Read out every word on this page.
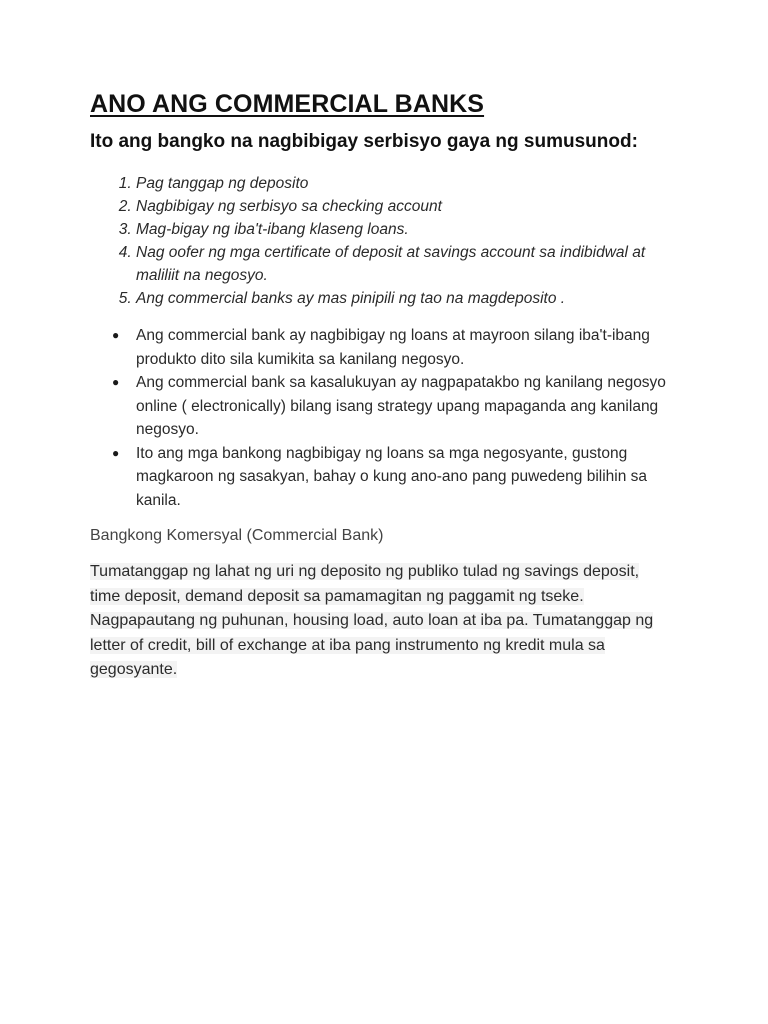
ANO ANG COMMERCIAL BANKS
Ito ang bangko na nagbibigay serbisyo gaya ng sumusunod:
1. Pag tanggap ng deposito
2. Nagbibigay ng serbisyo sa checking account
3. Mag-bigay ng iba't-ibang klaseng loans.
4. Nag oofer ng mga certificate of deposit at savings account sa indibidwal at maliliit na negosyo.
5. Ang commercial banks ay mas pinipili ng tao na magdeposito .
● Ang commercial bank ay nagbibigay ng loans at mayroon silang iba't-ibang produkto dito sila kumikita sa kanilang negosyo.
● Ang commercial bank sa kasalukuyan ay nagpapatakbo ng kanilang negosyo online ( electronically) bilang isang strategy upang mapaganda ang kanilang negosyo.
● Ito ang mga bankong nagbibigay ng loans sa mga negosyante, gustong magkaroon ng sasakyan, bahay o kung ano-ano pang puwedeng bilihin sa kanila.

Bangkong Komersyal (Commercial Bank)

Tumatanggap ng lahat ng uri ng deposito ng publiko tulad ng savings deposit, time deposit, demand deposit sa pamamagitan ng paggamit ng tseke. Nagpapautang ng puhunan, housing load, auto loan at iba pa. Tumatanggap ng letter of credit, bill of exchange at iba pang instrumento ng kredit mula sa gegosyante.
